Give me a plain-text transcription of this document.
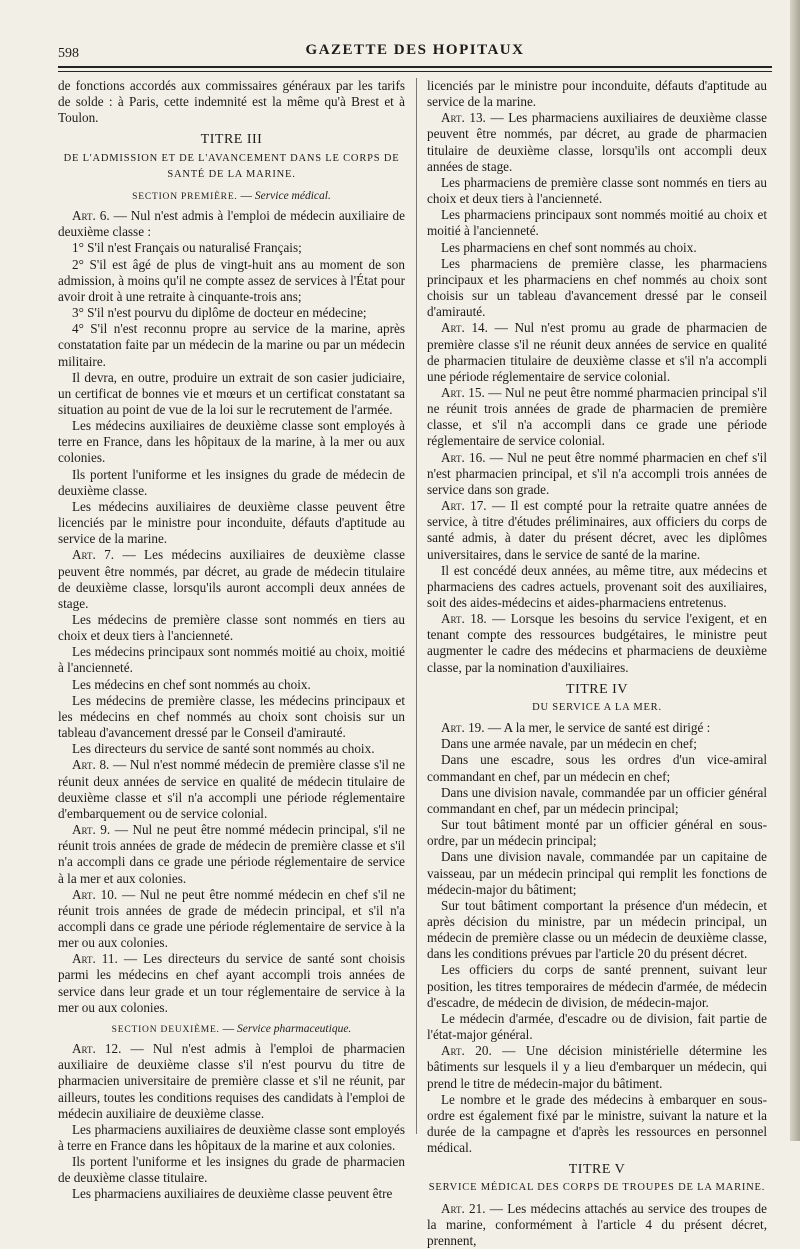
598	GAZETTE DES HOPITAUX

de fonctions accordés aux commissaires généraux par les tarifs de solde : à Paris, cette indemnité est la même qu'à Brest et à Toulon.

TITRE III
DE L'ADMISSION ET DE L'AVANCEMENT DANS LE CORPS DE SANTÉ DE LA MARINE.
SECTION PREMIÈRE. — Service médical.

Art. 6. — Nul n'est admis à l'emploi de médecin auxiliaire de deuxième classe :

1° S'il n'est Français ou naturalisé Français;

2° S'il est âgé de plus de vingt-huit ans au moment de son admission, à moins qu'il ne compte assez de services à l'État pour avoir droit à une retraite à cinquante-trois ans;

3° S'il n'est pourvu du diplôme de docteur en médecine;

4° S'il n'est reconnu propre au service de la marine, après constatation faite par un médecin de la marine ou par un médecin militaire.

Il devra, en outre, produire un extrait de son casier judiciaire, un certificat de bonnes vie et mœurs et un certificat constatant sa situation au point de vue de la loi sur le recrutement de l'armée.

Les médecins auxiliaires de deuxième classe sont employés à terre en France, dans les hôpitaux de la marine, à la mer ou aux colonies.

Ils portent l'uniforme et les insignes du grade de médecin de deuxième classe.

Les médecins auxiliaires de deuxième classe peuvent être licenciés par le ministre pour inconduite, défauts d'aptitude au service de la marine.

Art. 7. — Les médecins auxiliaires de deuxième classe peuvent être nommés, par décret, au grade de médecin titulaire de deuxième classe, lorsqu'ils auront accompli deux années de stage.

Les médecins de première classe sont nommés en tiers au choix et deux tiers à l'ancienneté.

Les médecins principaux sont nommés moitié au choix, moitié à l'ancienneté.

Les médecins en chef sont nommés au choix.

Les médecins de première classe, les médecins principaux et les médecins en chef nommés au choix sont choisis sur un tableau d'avancement dressé par le Conseil d'amirauté.

Les directeurs du service de santé sont nommés au choix.

Art. 8. — Nul n'est nommé médecin de première classe s'il ne réunit deux années de service en qualité de médecin titulaire de deuxième classe et s'il n'a accompli une période réglementaire d'embarquement ou de service colonial.

Art. 9. — Nul ne peut être nommé médecin principal, s'il ne réunit trois années de grade de médecin de première classe et s'il n'a accompli dans ce grade une période réglementaire de service à la mer et aux colonies.

Art. 10. — Nul ne peut être nommé médecin en chef s'il ne réunit trois années de grade de médecin principal, et s'il n'a accompli dans ce grade une période réglementaire de service à la mer ou aux colonies.

Art. 11. — Les directeurs du service de santé sont choisis parmi les médecins en chef ayant accompli trois années de service dans leur grade et un tour réglementaire de service à la mer ou aux colonies.

SECTION DEUXIÈME. — Service pharmaceutique.

Art. 12. — Nul n'est admis à l'emploi de pharmacien auxiliaire de deuxième classe s'il n'est pourvu du titre de pharmacien universitaire de première classe et s'il ne réunit, par ailleurs, toutes les conditions requises des candidats à l'emploi de médecin auxiliaire de deuxième classe.

Les pharmaciens auxiliaires de deuxième classe sont employés à terre en France dans les hôpitaux de la marine et aux colonies.

Ils portent l'uniforme et les insignes du grade de pharmacien de deuxième classe titulaire.

Les pharmaciens auxiliaires de deuxième classe peuvent être

licenciés par le ministre pour inconduite, défauts d'aptitude au service de la marine.

Art. 13. — Les pharmaciens auxiliaires de deuxième classe peuvent être nommés, par décret, au grade de pharmacien titulaire de deuxième classe, lorsqu'ils ont accompli deux années de stage.

Les pharmaciens de première classe sont nommés en tiers au choix et deux tiers à l'ancienneté.

Les pharmaciens principaux sont nommés moitié au choix et moitié à l'ancienneté.

Les pharmaciens en chef sont nommés au choix.

Les pharmaciens de première classe, les pharmaciens principaux et les pharmaciens en chef nommés au choix sont choisis sur un tableau d'avancement dressé par le conseil d'amirauté.

Art. 14. — Nul n'est promu au grade de pharmacien de première classe s'il ne réunit deux années de service en qualité de pharmacien titulaire de deuxième classe et s'il n'a accompli une période réglementaire de service colonial.

Art. 15. — Nul ne peut être nommé pharmacien principal s'il ne réunit trois années de grade de pharmacien de première classe, et s'il n'a accompli dans ce grade une période réglementaire de service colonial.

Art. 16. — Nul ne peut être nommé pharmacien en chef s'il n'est pharmacien principal, et s'il n'a accompli trois années de service dans son grade.

Art. 17. — Il est compté pour la retraite quatre années de service, à titre d'études préliminaires, aux officiers du corps de santé admis, à dater du présent décret, avec les diplômes universitaires, dans le service de santé de la marine.

Il est concédé deux années, au même titre, aux médecins et pharmaciens des cadres actuels, provenant soit des auxiliaires, soit des aides-médecins et aides-pharmaciens entretenus.

Art. 18. — Lorsque les besoins du service l'exigent, et en tenant compte des ressources budgétaires, le ministre peut augmenter le cadre des médecins et pharmaciens de deuxième classe, par la nomination d'auxiliaires.

TITRE IV
DU SERVICE A LA MER.

Art. 19. — A la mer, le service de santé est dirigé :

Dans une armée navale, par un médecin en chef;

Dans une escadre, sous les ordres d'un vice-amiral commandant en chef, par un médecin en chef;

Dans une division navale, commandée par un officier général commandant en chef, par un médecin principal;

Sur tout bâtiment monté par un officier général en sous-ordre, par un médecin principal;

Dans une division navale, commandée par un capitaine de vaisseau, par un médecin principal qui remplit les fonctions de médecin-major du bâtiment;

Sur tout bâtiment comportant la présence d'un médecin, et après décision du ministre, par un médecin principal, un médecin de première classe ou un médecin de deuxième classe, dans les conditions prévues par l'article 20 du présent décret.

Les officiers du corps de santé prennent, suivant leur position, les titres temporaires de médecin d'armée, de médecin d'escadre, de médecin de division, de médecin-major.

Le médecin d'armée, d'escadre ou de division, fait partie de l'état-major général.

Art. 20. — Une décision ministérielle détermine les bâtiments sur lesquels il y a lieu d'embarquer un médecin, qui prend le titre de médecin-major du bâtiment.

Le nombre et le grade des médecins à embarquer en sous-ordre est également fixé par le ministre, suivant la nature et la durée de la campagne et d'après les ressources en personnel médical.

TITRE V
SERVICE MÉDICAL DES CORPS DE TROUPES DE LA MARINE.

Art. 21. — Les médecins attachés au service des troupes de la marine, conformément à l'article 4 du présent décret, prennent,
